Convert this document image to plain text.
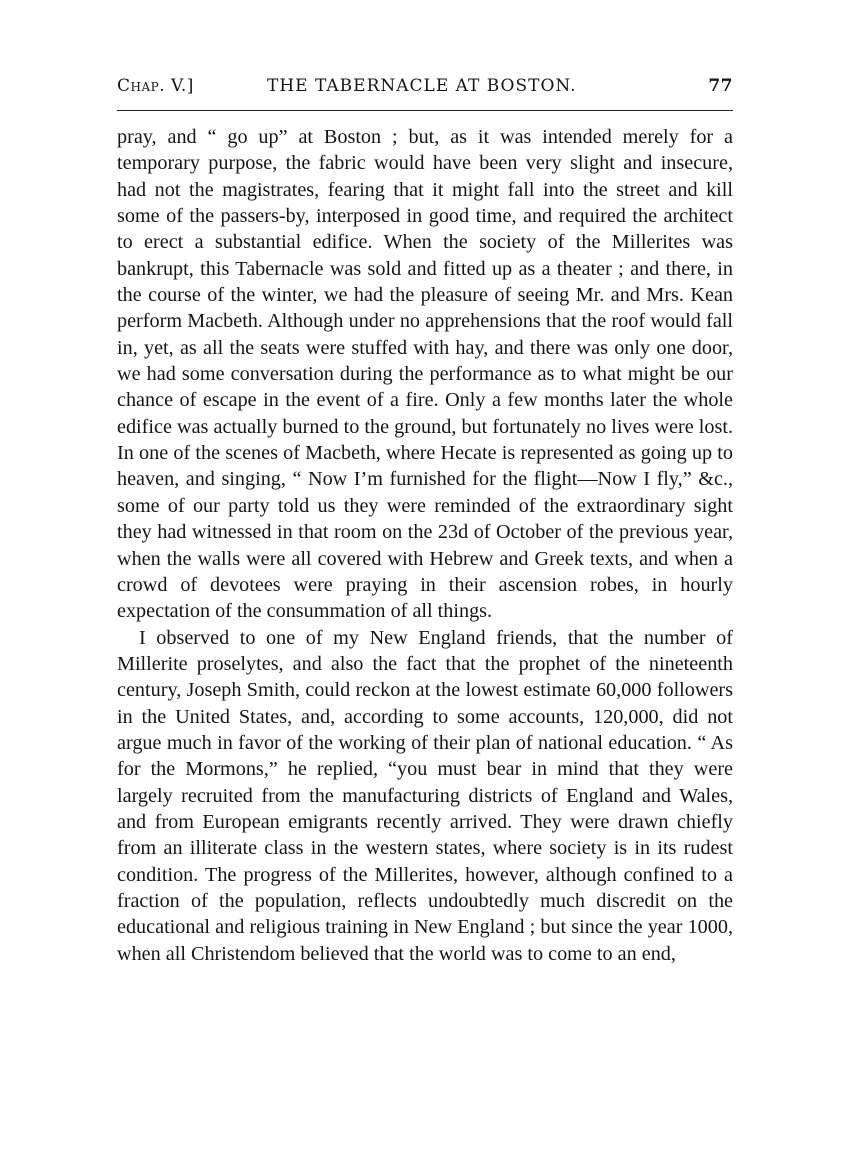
Chap. V.]	THE TABERNACLE AT BOSTON.	77

pray, and “ go up” at Boston ; but, as it was intended merely for a temporary purpose, the fabric would have been very slight and insecure, had not the magistrates, fearing that it might fall into the street and kill some of the passers-by, interposed in good time, and required the architect to erect a substantial edifice. When the society of the Millerites was bankrupt, this Tabernacle was sold and fitted up as a theater ; and there, in the course of the winter, we had the pleasure of seeing Mr. and Mrs. Kean perform Macbeth. Although under no apprehensions that the roof would fall in, yet, as all the seats were stuffed with hay, and there was only one door, we had some conversation during the performance as to what might be our chance of escape in the event of a fire. Only a few months later the whole edifice was actually burned to the ground, but fortunately no lives were lost. In one of the scenes of Macbeth, where Hecate is represented as going up to heaven, and singing, “ Now I’m furnished for the flight—Now I fly,” &c., some of our party told us they were reminded of the extraordinary sight they had witnessed in that room on the 23d of October of the previous year, when the walls were all covered with Hebrew and Greek texts, and when a crowd of devotees were praying in their ascension robes, in hourly expectation of the consummation of all things.

I observed to one of my New England friends, that the number of Millerite proselytes, and also the fact that the prophet of the nineteenth century, Joseph Smith, could reckon at the lowest estimate 60,000 followers in the United States, and, according to some accounts, 120,000, did not argue much in favor of the working of their plan of national education. “ As for the Mormons,” he replied, “you must bear in mind that they were largely recruited from the manufacturing districts of England and Wales, and from European emigrants recently arrived. They were drawn chiefly from an illiterate class in the western states, where society is in its rudest condition. The progress of the Millerites, however, although confined to a fraction of the population, reflects undoubtedly much discredit on the educational and religious training in New England ; but since the year 1000, when all Christendom believed that the world was to come to an end,
